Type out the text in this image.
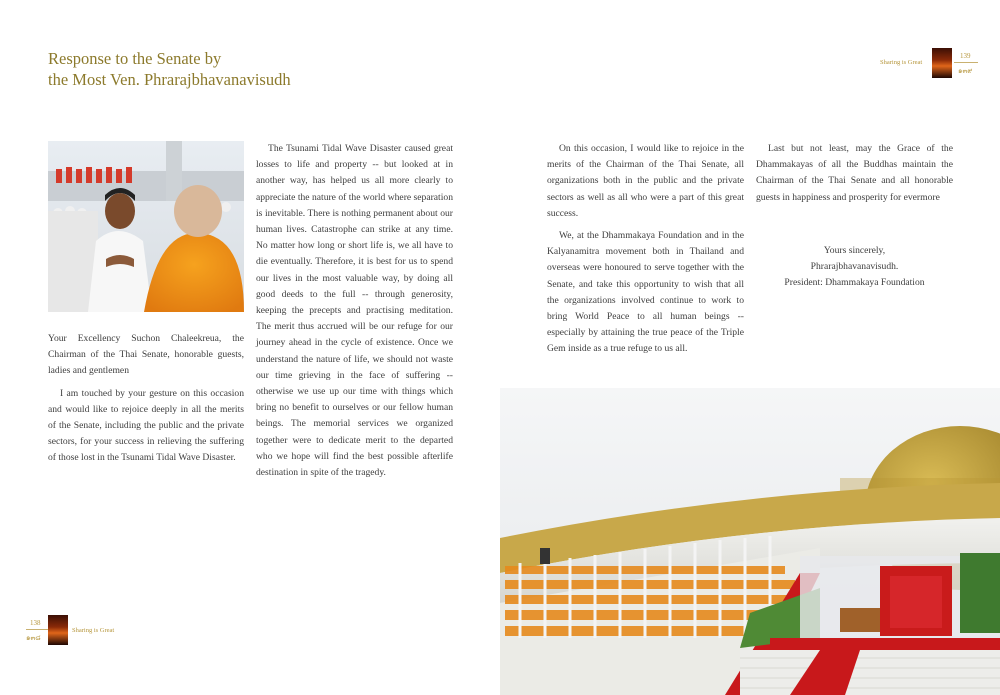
Response to the Senate by
the Most Ven. Phrarajbhavanavisudh
Sharing is Great
139
๑๓๙

Your Excellency Suchon Chaleekreua, the Chairman of the Thai Senate, honorable guests, ladies and gentlemen

I am touched by your gesture on this occasion and would like to rejoice deeply in all the merits of the Senate, including the public and the private sectors, for your success in relieving the suffering of those lost in the Tsunami Tidal Wave Disaster.

The Tsunami Tidal Wave Disaster caused great losses to life and property -- but looked at in another way, has helped us all more clearly to appreciate the nature of the world where separation is inevitable. There is nothing permanent about our human lives. Catastrophe can strike at any time. No matter how long or short life is, we all have to die eventually. Therefore, it is best for us to spend our lives in the most valuable way, by doing all good deeds to the full -- through generosity, keeping the precepts and practising meditation. The merit thus accrued will be our refuge for our journey ahead in the cycle of existence. Once we understand the nature of life, we should not waste our time grieving in the face of suffering -- otherwise we use up our time with things which bring no benefit to ourselves or our fellow human beings. The memorial services we organized together were to dedicate merit to the departed who we hope will find the best possible afterlife destination in spite of the tragedy.

On this occasion, I would like to rejoice in the merits of the Chairman of the Thai Senate, all organizations both in the public and the private sectors as well as all who were a part of this great success.

We, at the Dhammakaya Foundation and in the Kalyanamitra movement both in Thailand and overseas were honoured to serve together with the Senate, and take this opportunity to wish that all the organizations involved continue to work to bring World Peace to all human beings -- especially by attaining the true peace of the Triple Gem inside as a true refuge to us all.

Last but not least, may the Grace of the Dhammakayas of all the Buddhas maintain the Chairman of the Thai Senate and all honorable guests in happiness and prosperity for evermore

Yours sincerely,

Phrarajbhavanavisudh.

President: Dhammakaya Foundation

138
๑๓๘
Sharing is Great
